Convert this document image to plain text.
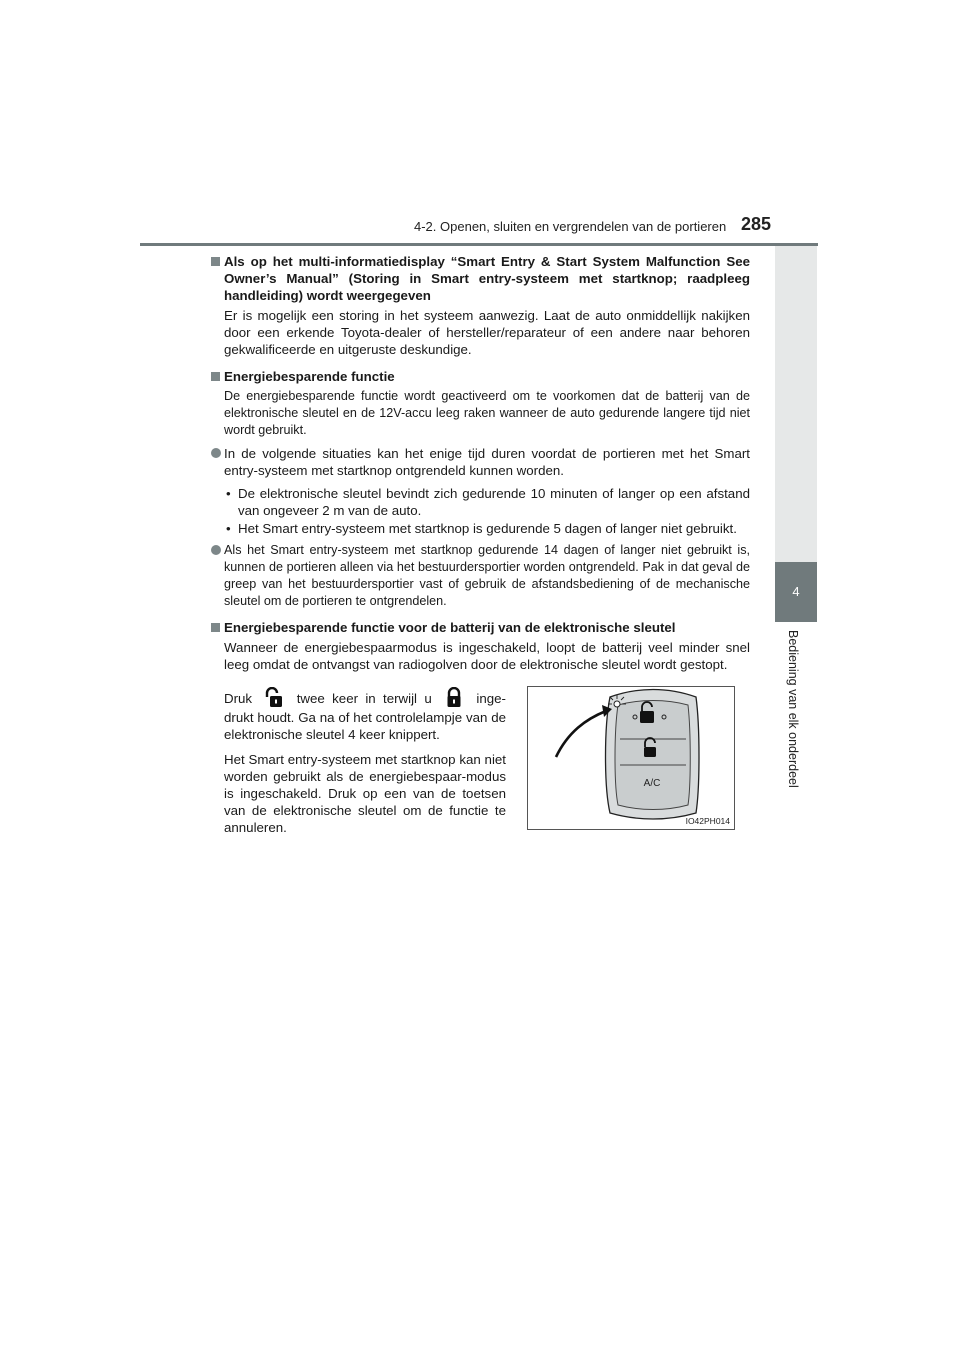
4-2. Openen, sluiten en vergrendelen van de portieren 285
4
Bediening van elk onderdeel
Als op het multi-informatiedisplay “Smart Entry & Start System Malfunction See Owner’s Manual” (Storing in Smart entry-systeem met startknop; raadpleeg handleiding) wordt weergegeven

Er is mogelijk een storing in het systeem aanwezig. Laat de auto onmiddellijk nakijken door een erkende Toyota-dealer of hersteller/reparateur of een andere naar behoren gekwalificeerde en uitgeruste deskundige.

Energiebesparende functie

De energiebesparende functie wordt geactiveerd om te voorkomen dat de batterij van de elektronische sleutel en de 12V-accu leeg raken wanneer de auto gedurende langere tijd niet wordt gebruikt.

In de volgende situaties kan het enige tijd duren voordat de portieren met het Smart entry-systeem met startknop ontgrendeld kunnen worden.
• De elektronische sleutel bevindt zich gedurende 10 minuten of langer op een afstand van ongeveer 2 m van de auto.
• Het Smart entry-systeem met startknop is gedurende 5 dagen of langer niet gebruikt.
Als het Smart entry-systeem met startknop gedurende 14 dagen of langer niet gebruikt is, kunnen de portieren alleen via het bestuurdersportier worden ontgrendeld. Pak in dat geval de greep van het bestuurdersportier vast of gebruik de afstandsbediening of de mechanische sleutel om de portieren te ontgrendelen.
Energiebesparende functie voor de batterij van de elektronische sleutel

Wanneer de energiebespaarmodus is ingeschakeld, loopt de batterij veel minder snel leeg omdat de ontvangst van radiogolven door de elektronische sleutel wordt gestopt.

Druk	twee keer in terwijl u	inge-drukt houdt. Ga na of het controlelampje van de elektronische sleutel 4 keer knippert.

Het Smart entry-systeem met startknop kan niet worden gebruikt als de energiebespaar-modus is ingeschakeld. Druk op een van de toetsen van de elektronische sleutel om de functie te annuleren.

A/C
IO42PH014
